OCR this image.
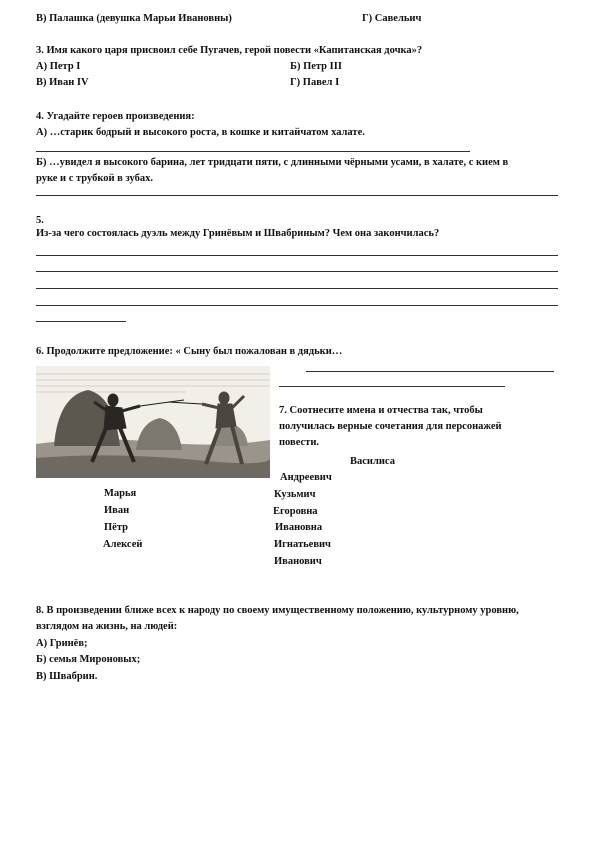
В) Палашка (девушка Марьи Ивановны)	Г) Савельич
3. Имя какого царя присвоил себе Пугачев, герой повести «Капитанская дочка»?
А) Петр I	Б) Петр III
В) Иван IV	Г) Павел I
4. Угадайте героев произведения:
А) …старик бодрый и высокого роста, в кошке и китайчатом халате.
Б) …увидел я высокого барина, лет тридцати пяти, с длинными чёрными усами, в халате, с кием в
руке и с трубкой в зубах.
5.
Из-за чего состоялась дуэль между Гринёвым и Швабриным? Чем она закончилась?
6. Продолжите предложение: « Сыну был пожалован в дядьки…
7. Соотнесите имена и отчества так, чтобы
получилась верные сочетания для персонажей
повести.
Василиса
Андреевич
Марья	Кузьмич
Иван	Егоровна
Пётр	Ивановна
Алексей	Игнатьевич
Иванович
8. В произведении ближе всех к народу по своему имущественному положению, культурному уровню,
взглядом на жизнь, на людей:
А) Гринёв;
Б) семья Мироновых;
В) Швабрин.
